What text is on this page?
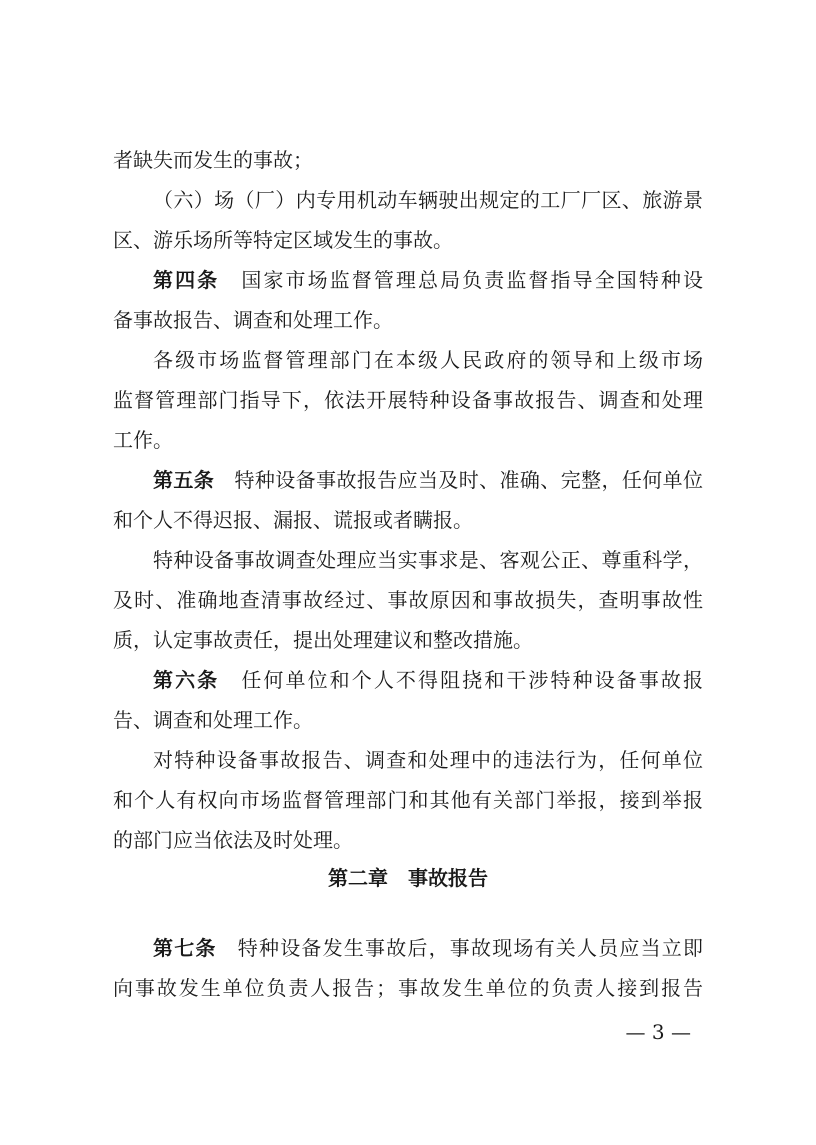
者缺失而发生的事故；
（六）场（厂）内专用机动车辆驶出规定的工厂厂区、旅游景
区、游乐场所等特定区域发生的事故。
第四条 国家市场监督管理总局负责监督指导全国特种设
备事故报告、调查和处理工作。
各级市场监督管理部门在本级人民政府的领导和上级市场
监督管理部门指导下，依法开展特种设备事故报告、调查和处理
工作。
第五条 特种设备事故报告应当及时、准确、完整，任何单位
和个人不得迟报、漏报、谎报或者瞒报。
特种设备事故调查处理应当实事求是、客观公正、尊重科学，
及时、准确地查清事故经过、事故原因和事故损失，查明事故性
质，认定事故责任，提出处理建议和整改措施。
第六条 任何单位和个人不得阻挠和干涉特种设备事故报
告、调查和处理工作。
对特种设备事故报告、调查和处理中的违法行为，任何单位
和个人有权向市场监督管理部门和其他有关部门举报，接到举报
的部门应当依法及时处理。
第二章　事故报告
第七条 特种设备发生事故后，事故现场有关人员应当立即
向事故发生单位负责人报告；事故发生单位的负责人接到报告
— 3 —
